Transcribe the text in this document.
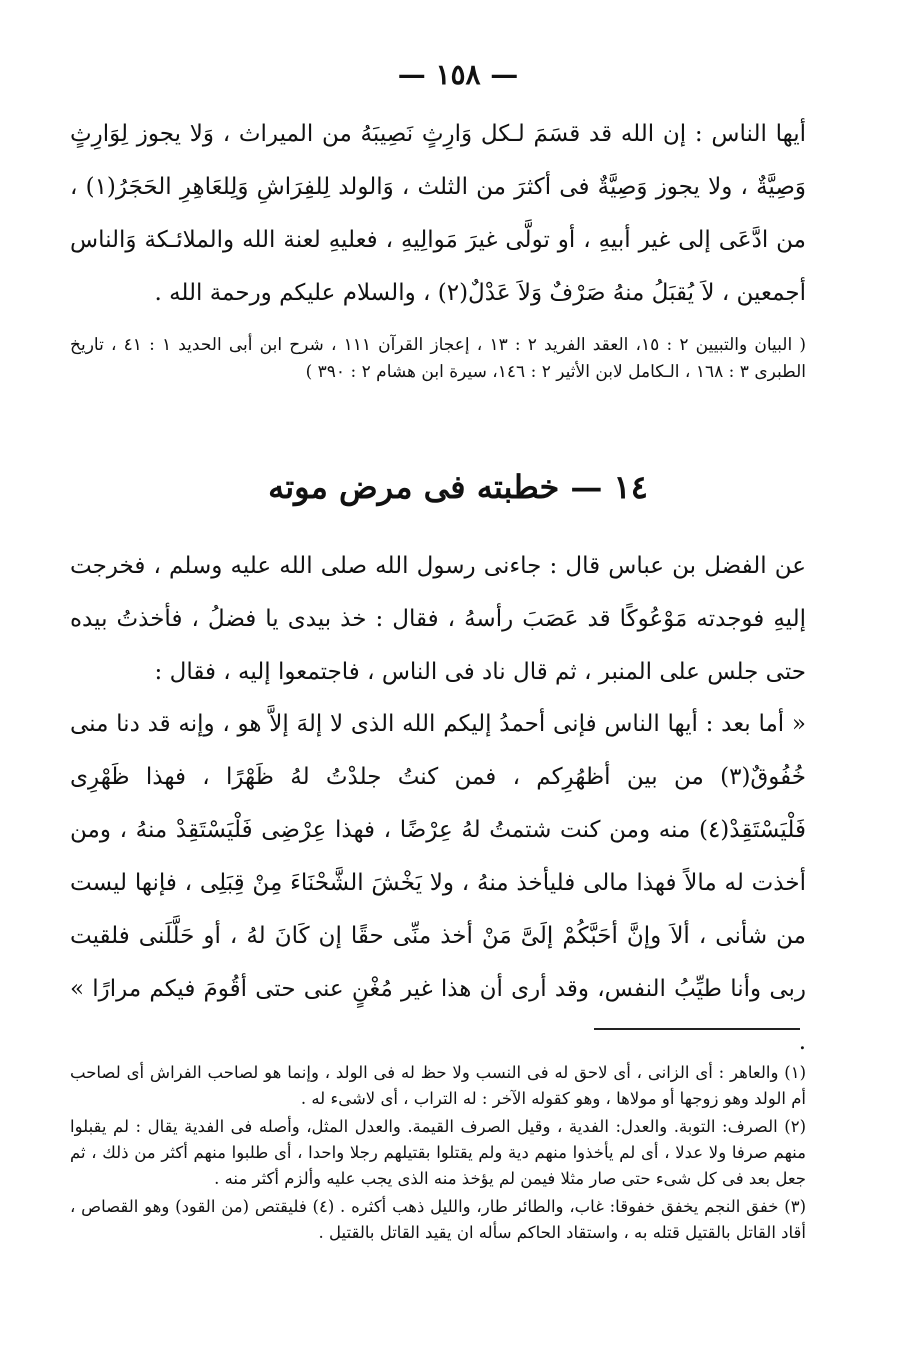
— ١٥٨ —

أيها الناس : إن الله قد قسَمَ لـكل وَارِثٍ نَصِيبَهُ من الميراث ، وَلا يجوز لِوَارِثٍ وَصِيَّةٌ ، ولا يجوز وَصِيَّةٌ فى أكثرَ من الثلث ، وَالولد لِلفِرَاشِ وَلِلعَاهِرِ الحَجَرُ(١) ، من ادَّعَى إلى غير أبيهِ ، أو تولَّى غيرَ مَوالِيهِ ، فعليهِ لعنة الله والملائـكة وَالناس أجمعين ، لاَ يُقبَلُ منهُ صَرْفٌ وَلاَ عَدْلٌ(٢) ، والسلام عليكم ورحمة الله .

( البيان والتبيين ٢ : ١٥، العقد الفريد ٢ : ١٣ ، إعجاز القرآن ١١١ ، شرح ابن أبى الحديد ١ : ٤١ ، تاريخ الطبرى ٣ : ١٦٨ ، الـكامل لابن الأثير ٢ : ١٤٦، سيرة ابن هشام ٢ : ٣٩٠ )

١٤ — خطبته فى مرض موته

عن الفضل بن عباس قال : جاءنى رسول الله صلى الله عليه وسلم ، فخرجت إليهِ فوجدته مَوْعُوكًا قد عَصَبَ رأسهُ ، فقال : خذ بيدى يا فضلُ ، فأخذتُ بيده حتى جلس على المنبر ، ثم قال ناد فى الناس ، فاجتمعوا إليه ، فقال :

« أما بعد : أيها الناس فإنى أحمدُ إليكم الله الذى لا إلهَ إلاَّ هو ، وإنه قد دنا منى خُفُوقٌ(٣) من بين أظهُرِكم ، فمن كنتُ جلدْتُ لهُ ظَهْرًا ، فهذا ظَهْرِى فَلْيَسْتَقِدْ(٤) منه ومن كنت شتمتُ لهُ عِرْضًا ، فهذا عِرْضِى فَلْيَسْتَقِدْ منهُ ، ومن أخذت له مالاً فهذا مالى فليأخذ منهُ ، ولا يَخْشَ الشَّحْنَاءَ مِنْ قِبَلِى ، فإنها ليست من شأنى ، ألاَ وإنَّ أحَبَّكُمْ إلَىَّ مَنْ أخذ منِّى حقًا إن كَانَ لهُ ، أو حَلَّلَنى فلقيت ربى وأنا طيِّبُ النفس، وقد أرى أن هذا غير مُغْنٍ عنى حتى أقُومَ فيكم مرارًا » .

(١) والعاهر : أى الزانى ، أى لاحق له فى النسب ولا حظ له فى الولد ، وإنما هو لصاحب الفراش أى لصاحب أم الولد وهو زوجها أو مولاها ، وهو كقوله الآخر : له التراب ، أى لاشىء له .

(٢) الصرف: التوبة. والعدل: الفدية ، وقيل الصرف القيمة. والعدل المثل، وأصله فى الفدية يقال : لم يقبلوا منهم صرفا ولا عدلا ، أى لم يأخذوا منهم دية ولم يقتلوا بقتيلهم رجلا واحدا ، أى طلبوا منهم أكثر من ذلك ، ثم جعل بعد فى كل شىء حتى صار مثلا فيمن لم يؤخذ منه الذى يجب عليه وألزم أكثر منه .

(٣) خفق النجم يخفق خفوقا: غاب، والطائر طار، والليل ذهب أكثره . (٤) فليقتص (من القود) وهو القصاص ، أقاد القاتل بالقتيل قتله به ، واستقاد الحاكم سأله ان يقيد القاتل بالقتيل .
